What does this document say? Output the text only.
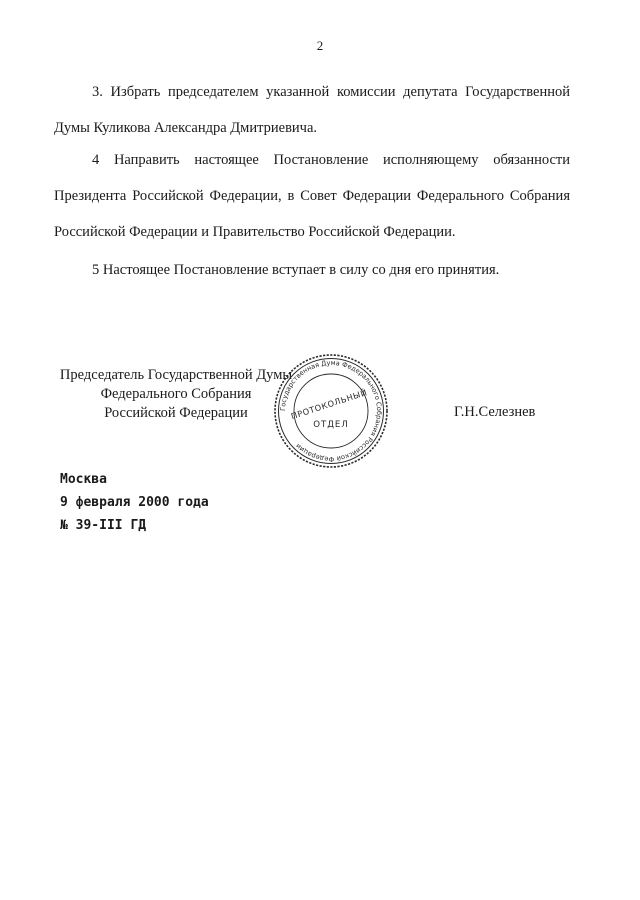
2
3. Избрать председателем указанной комиссии депутата Государственной Думы Куликова Александра Дмитриевича.
4 Направить настоящее Постановление исполняющему обязанности Президента Российской Федерации, в Совет Федерации Федерального Собрания Российской Федерации и Правительство Российской Федерации.
5 Настоящее Постановление вступает в силу со дня его принятия.
Председатель Государственной Думы
Федерального Собрания
Российской Федерации	Государственная Дума Федерального Собрания Российской Федерации
ПРОТОКОЛЬНЫЙ
ОТДЕЛ
Г.Н.Селезнев
Москва
9 февраля 2000 года
№ 39-III ГД
